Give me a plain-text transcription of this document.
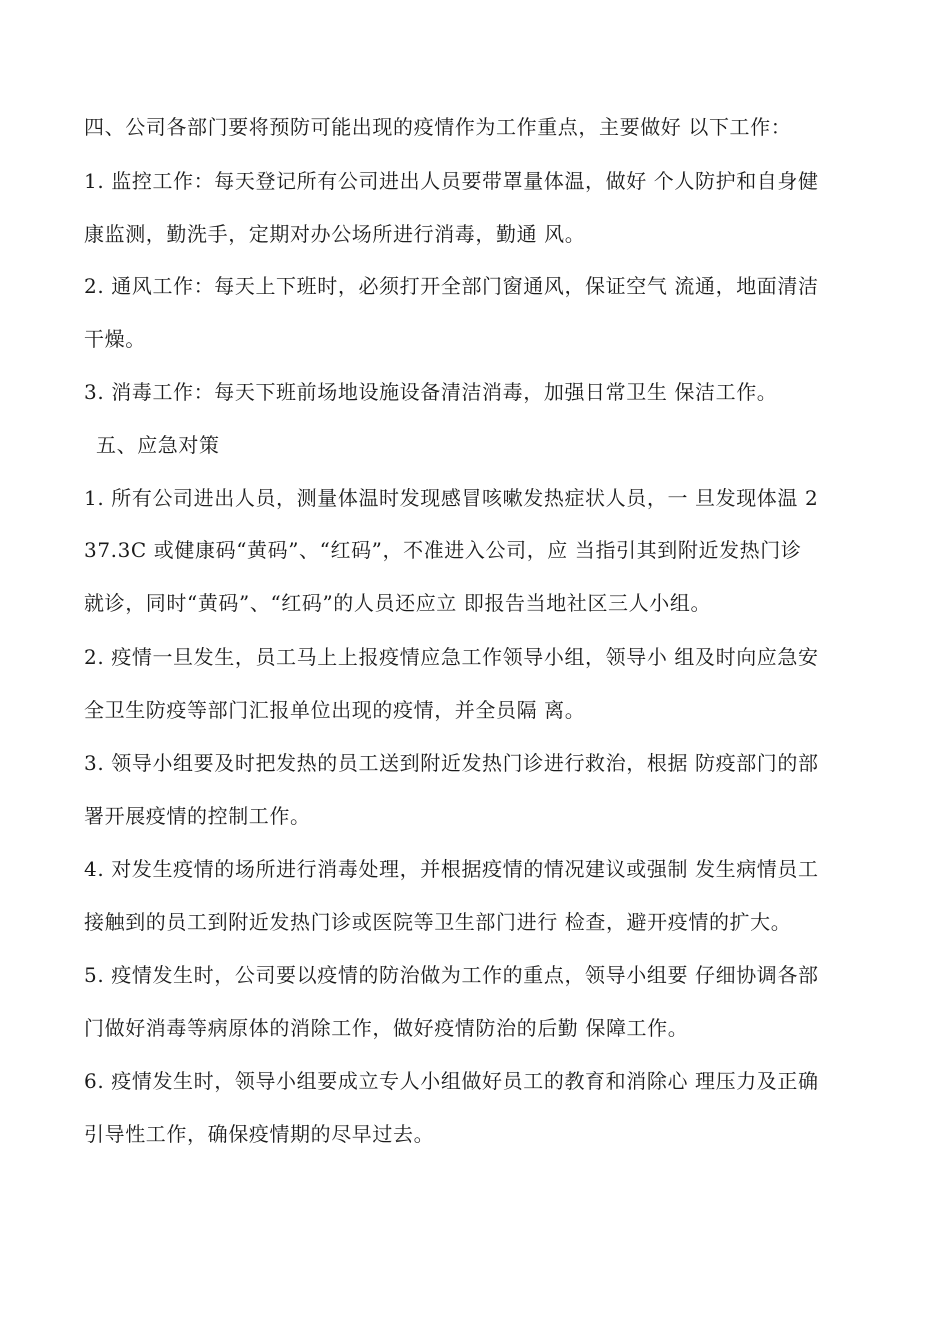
四、公司各部门要将预防可能出现的疫情作为工作重点，主要做好 以下工作：
1. 监控工作：每天登记所有公司进出人员要带罩量体温，做好 个人防护和自身健
康监测，勤洗手，定期对办公场所进行消毒，勤通 风。
2. 通风工作：每天上下班时，必须打开全部门窗通风，保证空气 流通，地面清洁
干燥。
3. 消毒工作：每天下班前场地设施设备清洁消毒，加强日常卫生 保洁工作。
五、应急对策
1. 所有公司进出人员，测量体温时发现感冒咳嗽发热症状人员，一 旦发现体温 2
37.3C 或健康码“黄码”、“红码”，不准进入公司，应 当指引其到附近发热门诊
就诊，同时“黄码”、“红码”的人员还应立 即报告当地社区三人小组。
2. 疫情一旦发生，员工马上上报疫情应急工作领导小组，领导小 组及时向应急安
全卫生防疫等部门汇报单位出现的疫情，并全员隔 离。
3. 领导小组要及时把发热的员工送到附近发热门诊进行救治，根据 防疫部门的部
署开展疫情的控制工作。
4. 对发生疫情的场所进行消毒处理，并根据疫情的情况建议或强制 发生病情员工
接触到的员工到附近发热门诊或医院等卫生部门进行 检查，避开疫情的扩大。
5. 疫情发生时，公司要以疫情的防治做为工作的重点，领导小组要 仔细协调各部
门做好消毒等病原体的消除工作，做好疫情防治的后勤 保障工作。
6. 疫情发生时，领导小组要成立专人小组做好员工的教育和消除心 理压力及正确
引导性工作，确保疫情期的尽早过去。
